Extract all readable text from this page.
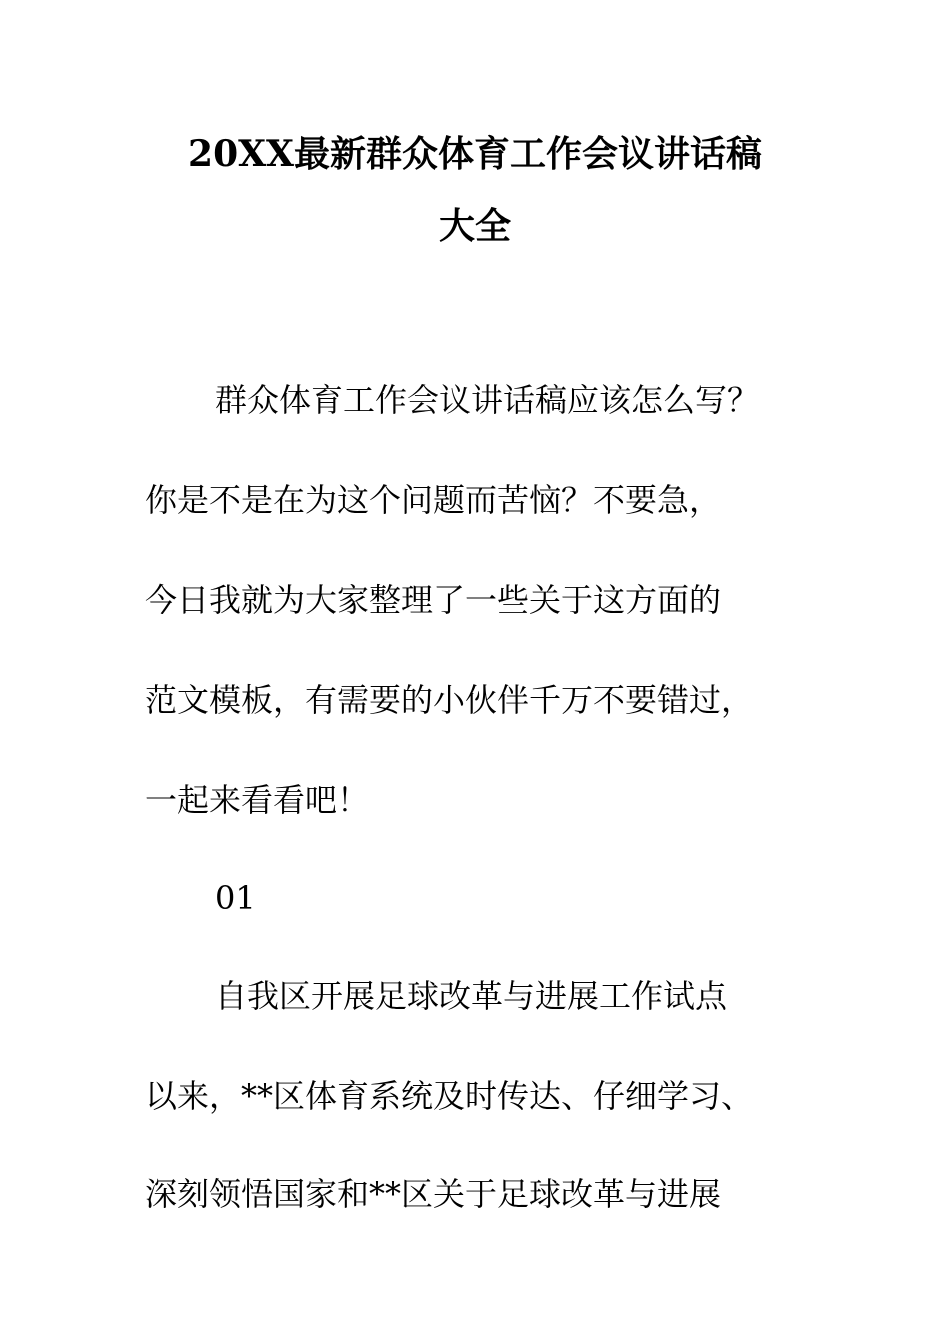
20XX最新群众体育工作会议讲话稿
大全
群众体育工作会议讲话稿应该怎么写？
你是不是在为这个问题而苦恼？不要急，
今日我就为大家整理了一些关于这方面的
范文模板，有需要的小伙伴千万不要错过，
一起来看看吧！
01
自我区开展足球改革与进展工作试点
以来，**区体育系统及时传达、仔细学习、
深刻领悟国家和**区关于足球改革与进展
